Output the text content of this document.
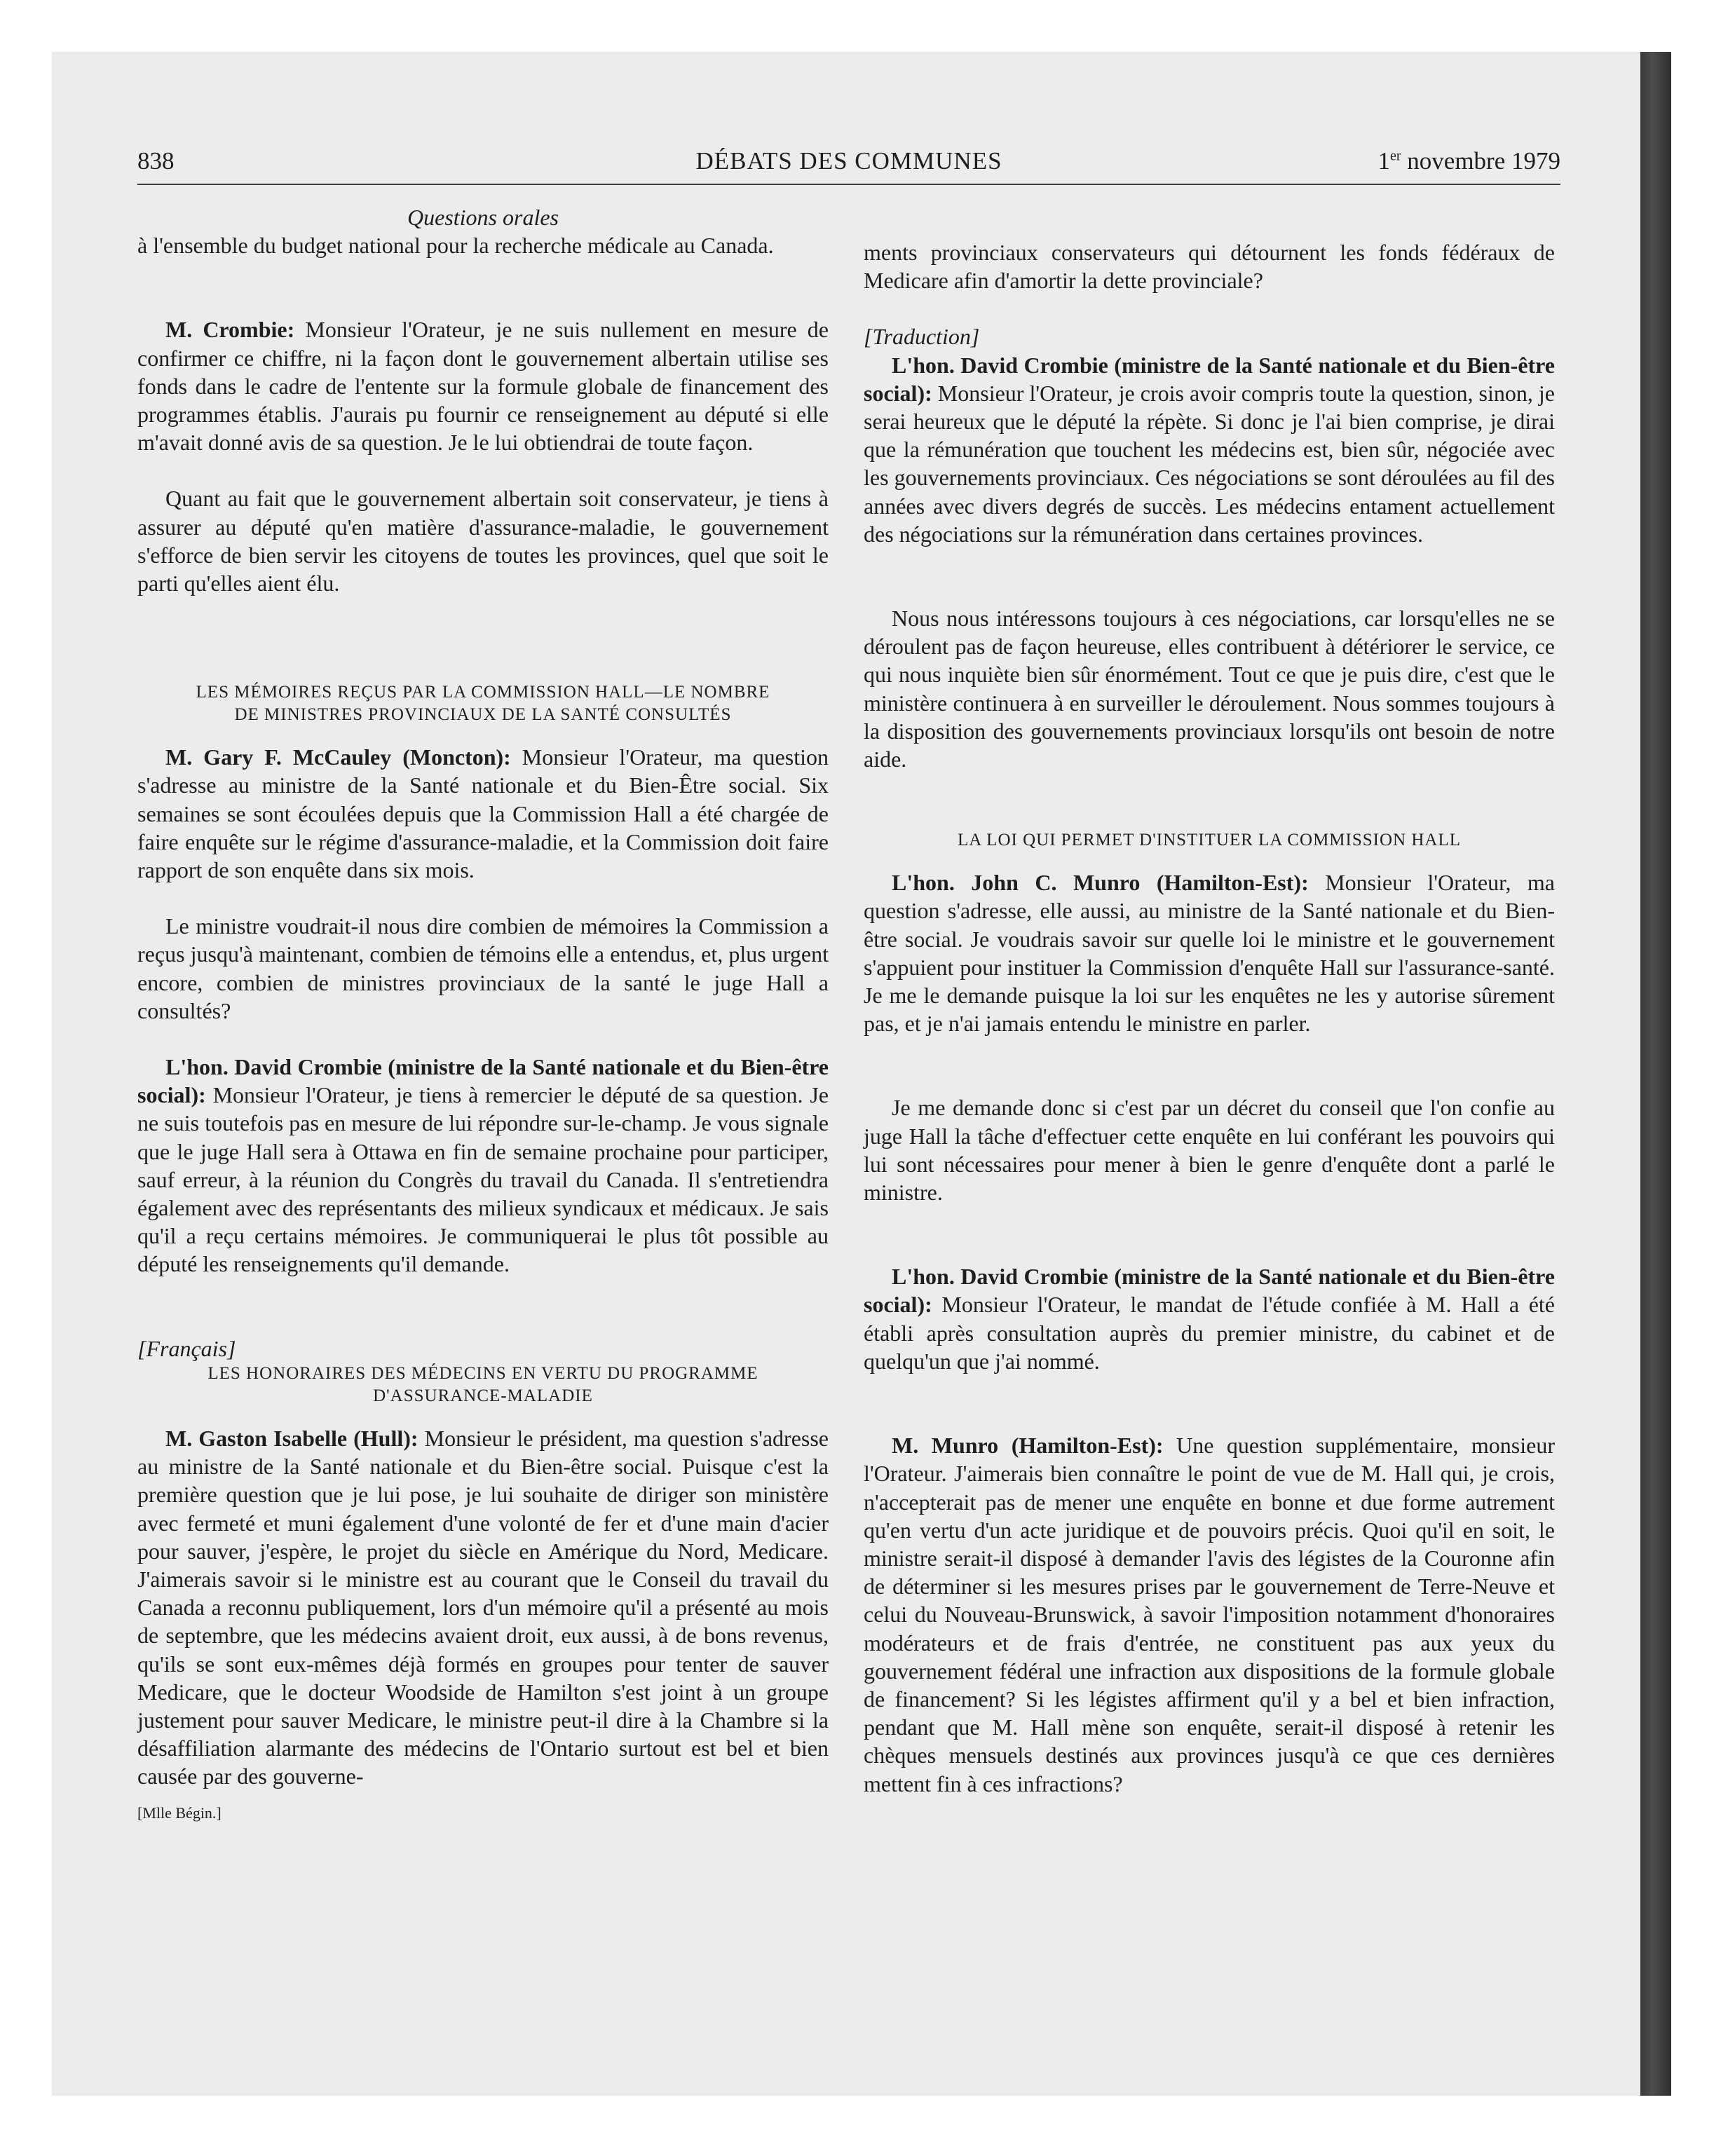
838	DÉBATS DES COMMUNES	1er novembre 1979

Questions orales

à l'ensemble du budget national pour la recherche médicale au Canada.

M. Crombie: Monsieur l'Orateur, je ne suis nullement en mesure de confirmer ce chiffre, ni la façon dont le gouvernement albertain utilise ses fonds dans le cadre de l'entente sur la formule globale de financement des programmes établis. J'aurais pu fournir ce renseignement au député si elle m'avait donné avis de sa question. Je le lui obtiendrai de toute façon.

Quant au fait que le gouvernement albertain soit conservateur, je tiens à assurer au député qu'en matière d'assurance-maladie, le gouvernement s'efforce de bien servir les citoyens de toutes les provinces, quel que soit le parti qu'elles aient élu.

LES MÉMOIRES REÇUS PAR LA COMMISSION HALL—LE NOMBRE
DE MINISTRES PROVINCIAUX DE LA SANTÉ CONSULTÉS

M. Gary F. McCauley (Moncton): Monsieur l'Orateur, ma question s'adresse au ministre de la Santé nationale et du Bien-Être social. Six semaines se sont écoulées depuis que la Commission Hall a été chargée de faire enquête sur le régime d'assurance-maladie, et la Commission doit faire rapport de son enquête dans six mois.

Le ministre voudrait-il nous dire combien de mémoires la Commission a reçus jusqu'à maintenant, combien de témoins elle a entendus, et, plus urgent encore, combien de ministres provinciaux de la santé le juge Hall a consultés?

L'hon. David Crombie (ministre de la Santé nationale et du Bien-être social): Monsieur l'Orateur, je tiens à remercier le député de sa question. Je ne suis toutefois pas en mesure de lui répondre sur-le-champ. Je vous signale que le juge Hall sera à Ottawa en fin de semaine prochaine pour participer, sauf erreur, à la réunion du Congrès du travail du Canada. Il s'entretiendra également avec des représentants des milieux syndicaux et médicaux. Je sais qu'il a reçu certains mémoires. Je communiquerai le plus tôt possible au député les renseignements qu'il demande.

[Français]

LES HONORAIRES DES MÉDECINS EN VERTU DU PROGRAMME
D'ASSURANCE-MALADIE

M. Gaston Isabelle (Hull): Monsieur le président, ma question s'adresse au ministre de la Santé nationale et du Bien-être social. Puisque c'est la première question que je lui pose, je lui souhaite de diriger son ministère avec fermeté et muni également d'une volonté de fer et d'une main d'acier pour sauver, j'espère, le projet du siècle en Amérique du Nord, Medicare. J'aimerais savoir si le ministre est au courant que le Conseil du travail du Canada a reconnu publiquement, lors d'un mémoire qu'il a présenté au mois de septembre, que les médecins avaient droit, eux aussi, à de bons revenus, qu'ils se sont eux-mêmes déjà formés en groupes pour tenter de sauver Medicare, que le docteur Woodside de Hamilton s'est joint à un groupe justement pour sauver Medicare, le ministre peut-il dire à la Chambre si la désaffiliation alarmante des médecins de l'Ontario surtout est bel et bien causée par des gouverne-

[Mlle Bégin.]

ments provinciaux conservateurs qui détournent les fonds fédéraux de Medicare afin d'amortir la dette provinciale?

[Traduction]

L'hon. David Crombie (ministre de la Santé nationale et du Bien-être social): Monsieur l'Orateur, je crois avoir compris toute la question, sinon, je serai heureux que le député la répète. Si donc je l'ai bien comprise, je dirai que la rémunération que touchent les médecins est, bien sûr, négociée avec les gouvernements provinciaux. Ces négociations se sont déroulées au fil des années avec divers degrés de succès. Les médecins entament actuellement des négociations sur la rémunération dans certaines provinces.

Nous nous intéressons toujours à ces négociations, car lorsqu'elles ne se déroulent pas de façon heureuse, elles contribuent à détériorer le service, ce qui nous inquiète bien sûr énormément. Tout ce que je puis dire, c'est que le ministère continuera à en surveiller le déroulement. Nous sommes toujours à la disposition des gouvernements provinciaux lorsqu'ils ont besoin de notre aide.

LA LOI QUI PERMET D'INSTITUER LA COMMISSION HALL

L'hon. John C. Munro (Hamilton-Est): Monsieur l'Orateur, ma question s'adresse, elle aussi, au ministre de la Santé nationale et du Bien-être social. Je voudrais savoir sur quelle loi le ministre et le gouvernement s'appuient pour instituer la Commission d'enquête Hall sur l'assurance-santé. Je me le demande puisque la loi sur les enquêtes ne les y autorise sûrement pas, et je n'ai jamais entendu le ministre en parler.

Je me demande donc si c'est par un décret du conseil que l'on confie au juge Hall la tâche d'effectuer cette enquête en lui conférant les pouvoirs qui lui sont nécessaires pour mener à bien le genre d'enquête dont a parlé le ministre.

L'hon. David Crombie (ministre de la Santé nationale et du Bien-être social): Monsieur l'Orateur, le mandat de l'étude confiée à M. Hall a été établi après consultation auprès du premier ministre, du cabinet et de quelqu'un que j'ai nommé.

M. Munro (Hamilton-Est): Une question supplémentaire, monsieur l'Orateur. J'aimerais bien connaître le point de vue de M. Hall qui, je crois, n'accepterait pas de mener une enquête en bonne et due forme autrement qu'en vertu d'un acte juridique et de pouvoirs précis. Quoi qu'il en soit, le ministre serait-il disposé à demander l'avis des légistes de la Couronne afin de déterminer si les mesures prises par le gouvernement de Terre-Neuve et celui du Nouveau-Brunswick, à savoir l'imposition notamment d'honoraires modérateurs et de frais d'entrée, ne constituent pas aux yeux du gouvernement fédéral une infraction aux dispositions de la formule globale de financement? Si les légistes affirment qu'il y a bel et bien infraction, pendant que M. Hall mène son enquête, serait-il disposé à retenir les chèques mensuels destinés aux provinces jusqu'à ce que ces dernières mettent fin à ces infractions?
